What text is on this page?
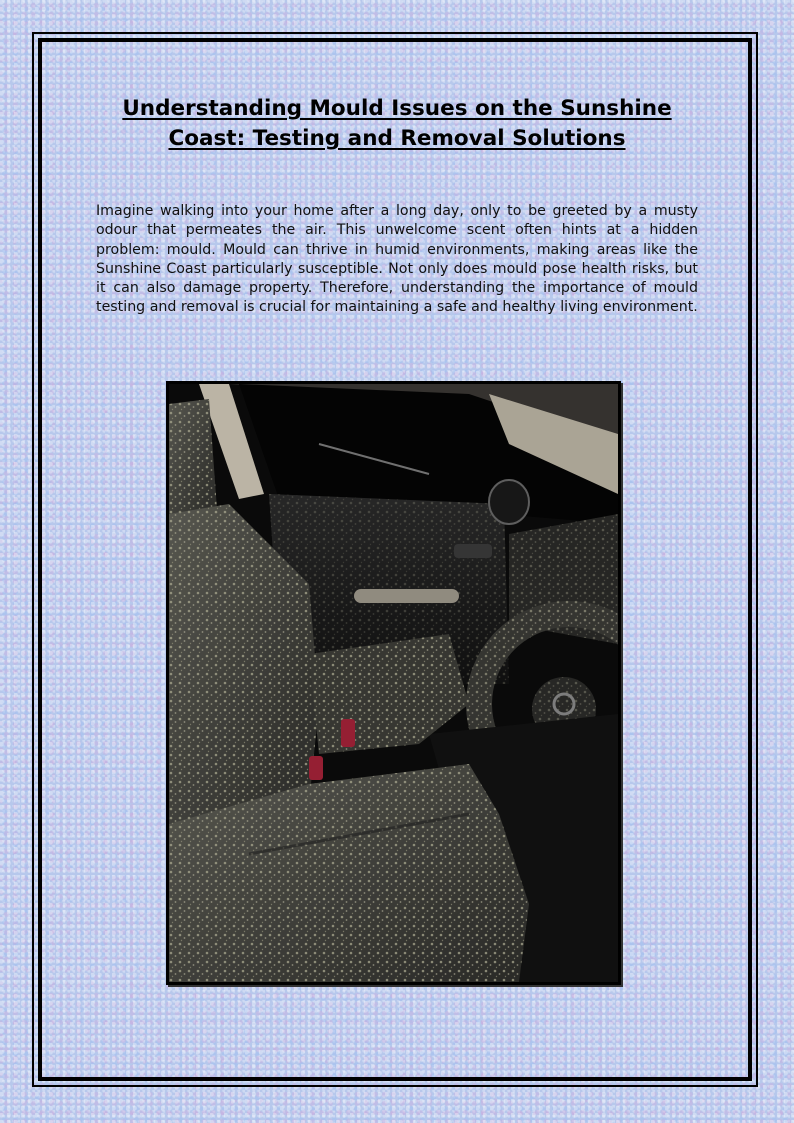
Understanding Mould Issues on the Sunshine Coast: Testing and Removal Solutions

Imagine walking into your home after a long day, only to be greeted by a musty odour that permeates the air. This unwelcome scent often hints at a hidden problem: mould. Mould can thrive in humid environments, making areas like the Sunshine Coast particularly susceptible. Not only does mould pose health risks, but it can also damage property. Therefore, understanding the importance of mould testing and removal is crucial for maintaining a safe and healthy living environment.
